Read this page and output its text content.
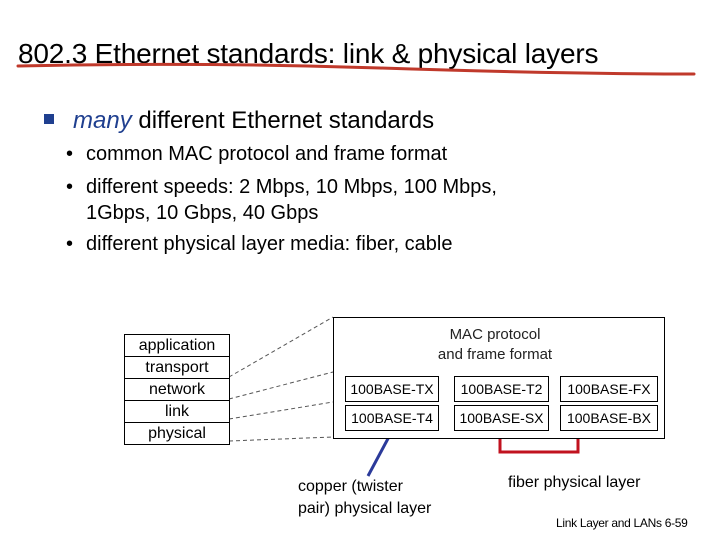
802.3 Ethernet standards: link & physical layers
many different Ethernet standards
• common MAC protocol and frame format
• different speeds: 2 Mbps, 10 Mbps, 100 Mbps,
1Gbps, 10 Gbps, 40 Gbps
• different physical layer media: fiber, cable
application
transport
network
link
physical
MAC protocol
and frame format
100BASE-TX	100BASE-T2	100BASE-FX
100BASE-T4	100BASE-SX	100BASE-BX
copper (twister
pair) physical layer
fiber physical layer
Link Layer and LANs 6-59
